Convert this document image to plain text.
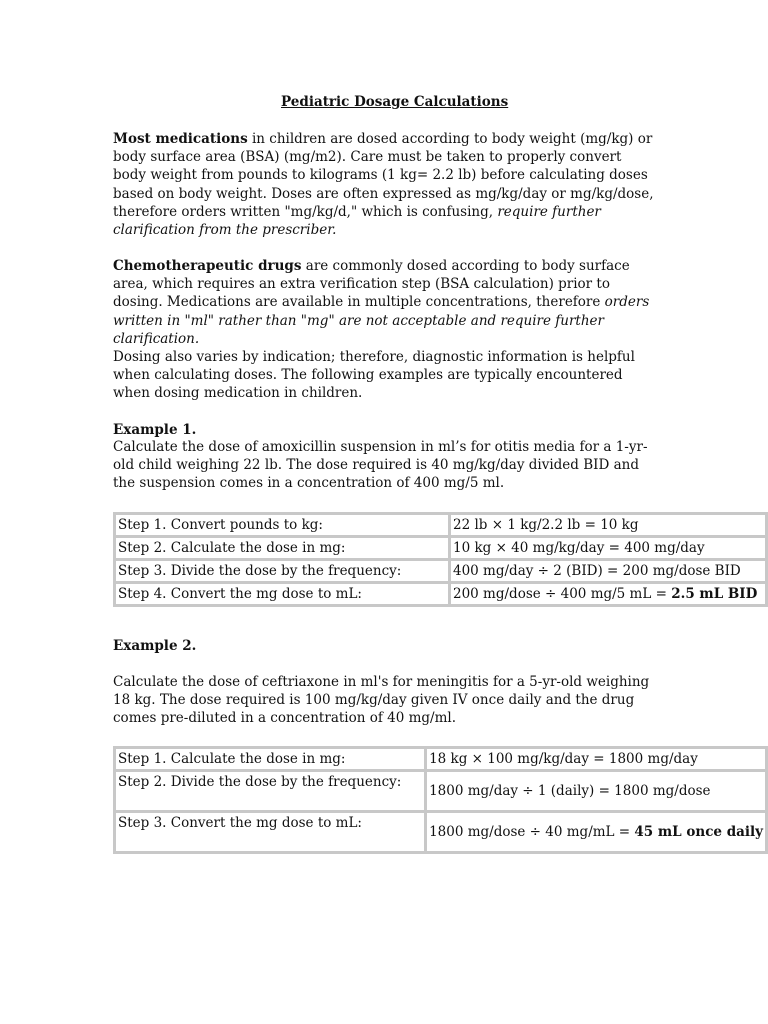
Pediatric Dosage Calculations
Most medications in children are dosed according to body weight (mg/kg) or body surface area (BSA) (mg/m2). Care must be taken to properly convert body weight from pounds to kilograms (1 kg= 2.2 lb) before calculating doses based on body weight. Doses are often expressed as mg/kg/day or mg/kg/dose, therefore orders written "mg/kg/d," which is confusing, require further clarification from the prescriber.
Chemotherapeutic drugs are commonly dosed according to body surface area, which requires an extra verification step (BSA calculation) prior to dosing. Medications are available in multiple concentrations, therefore orders written in "ml" rather than "mg" are not acceptable and require further clarification.
Dosing also varies by indication; therefore, diagnostic information is helpful when calculating doses. The following examples are typically encountered when dosing medication in children.
Example 1.
Calculate the dose of amoxicillin suspension in ml’s for otitis media for a 1-yr-old child weighing 22 lb. The dose required is 40 mg/kg/day divided BID and the suspension comes in a concentration of 400 mg/5 ml.
Step 1. Convert pounds to kg:	22 lb × 1 kg/2.2 lb = 10 kg
Step 2. Calculate the dose in mg:	10 kg × 40 mg/kg/day = 400 mg/day
Step 3. Divide the dose by the frequency:	400 mg/day ÷ 2 (BID) = 200 mg/dose BID
Step 4. Convert the mg dose to mL:	200 mg/dose ÷ 400 mg/5 mL = 2.5 mL BID
Example 2.
Calculate the dose of ceftriaxone in ml's for meningitis for a 5-yr-old weighing 18 kg. The dose required is 100 mg/kg/day given IV once daily and the drug comes pre-diluted in a concentration of 40 mg/ml.
Step 1. Calculate the dose in mg:	18 kg × 100 mg/kg/day = 1800 mg/day
Step 2. Divide the dose by the frequency:	1800 mg/day ÷ 1 (daily) = 1800 mg/dose
Step 3. Convert the mg dose to mL:	1800 mg/dose ÷ 40 mg/mL = 45 mL once daily
